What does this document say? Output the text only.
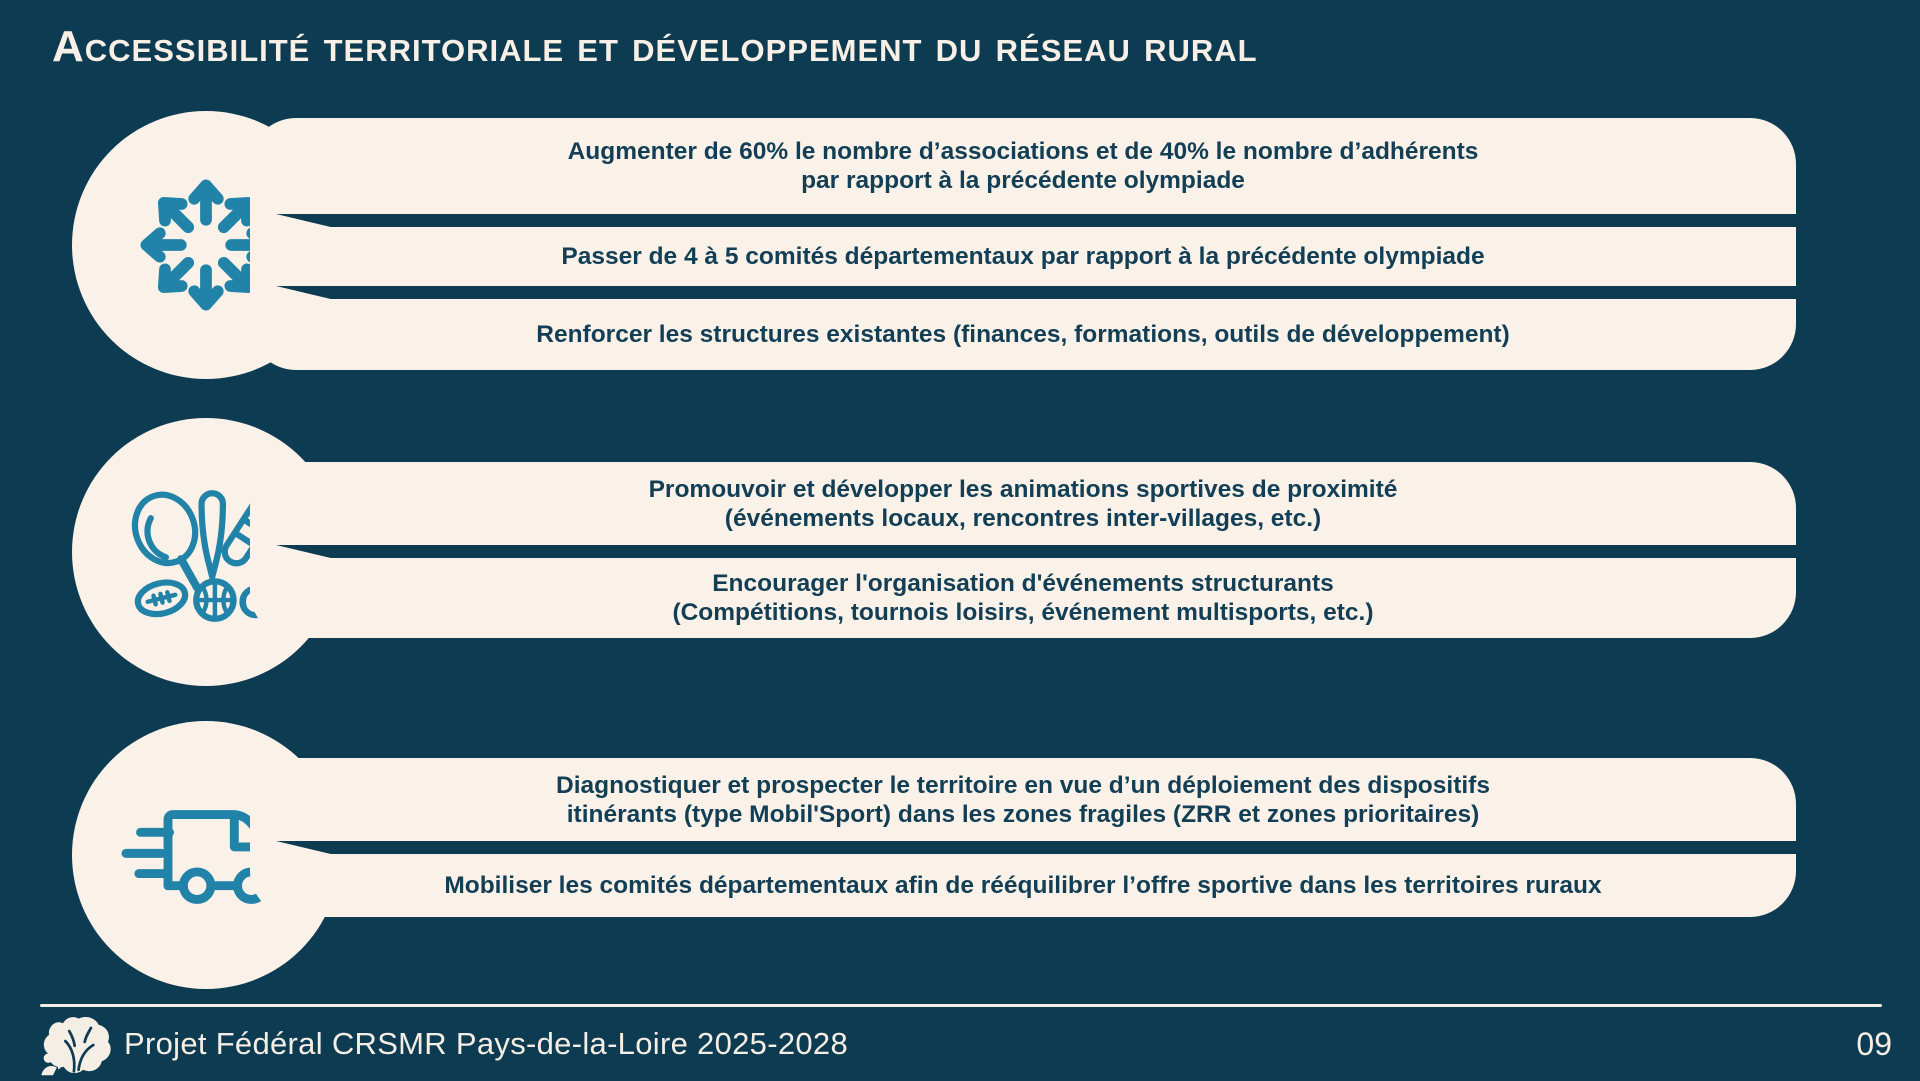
Accessibilité territoriale et développement du réseau rural
Augmenter de 60% le nombre d’associations et de 40% le nombre d’adhérents
par rapport à la précédente olympiade
Passer de 4 à 5 comités départementaux par rapport à la précédente olympiade
Renforcer les structures existantes (finances, formations, outils de développement)
Promouvoir et développer les animations sportives de proximité
(événements locaux, rencontres inter-villages, etc.)
Encourager l'organisation d'événements structurants
(Compétitions, tournois loisirs, événement multisports, etc.)
Diagnostiquer et prospecter le territoire en vue d’un déploiement des dispositifs
itinérants (type Mobil'Sport) dans les zones fragiles (ZRR et zones prioritaires)
Mobiliser les comités départementaux afin de rééquilibrer l’offre sportive dans les territoires ruraux
Projet Fédéral CRSMR Pays-de-la-Loire 2025-2028	09
